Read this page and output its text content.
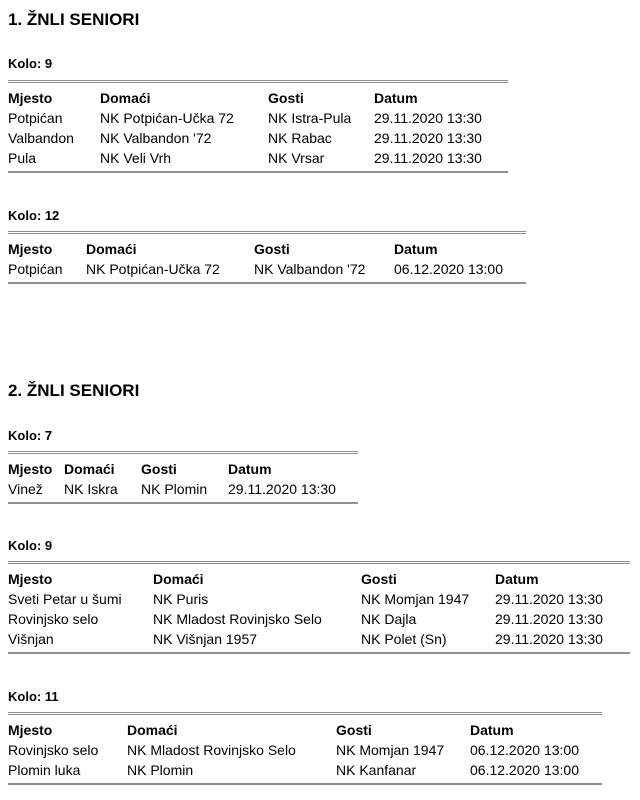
1. ŽNLI SENIORI
Kolo: 9
Mjesto	Domaći	Gosti	Datum
Potpićan	NK Potpićan-Učka 72	NK Istra-Pula	29.11.2020 13:30
Valbandon	NK Valbandon '72	NK Rabac	29.11.2020 13:30
Pula	NK Veli Vrh	NK Vrsar	29.11.2020 13:30
Kolo: 12
Mjesto	Domaći	Gosti	Datum
Potpićan	NK Potpićan-Učka 72	NK Valbandon '72	06.12.2020 13:00
2. ŽNLI SENIORI
Kolo: 7
Mjesto	Domaći	Gosti	Datum
Vinež	NK Iskra	NK Plomin	29.11.2020 13:30
Kolo: 9
Mjesto	Domaći	Gosti	Datum
Sveti Petar u šumi	NK Puris	NK Momjan 1947	29.11.2020 13:30
Rovinjsko selo	NK Mladost Rovinjsko Selo	NK Dajla	29.11.2020 13:30
Višnjan	NK Višnjan 1957	NK Polet (Sn)	29.11.2020 13:30
Kolo: 11
Mjesto	Domaći	Gosti	Datum
Rovinjsko selo	NK Mladost Rovinjsko Selo	NK Momjan 1947	06.12.2020 13:00
Plomin luka	NK Plomin	NK Kanfanar	06.12.2020 13:00
